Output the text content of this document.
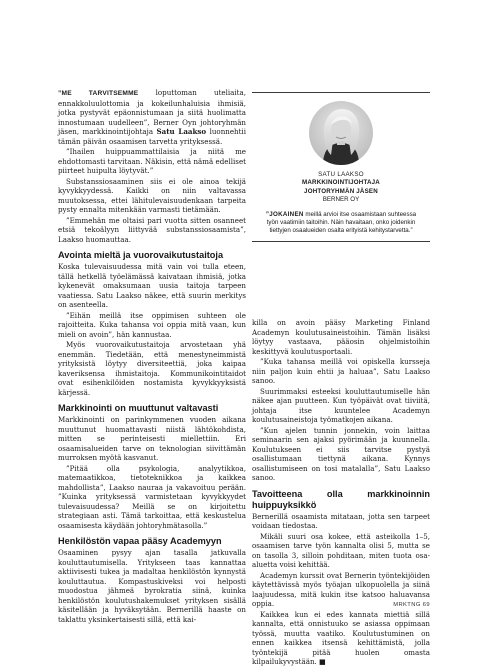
”ME TARVITSEMME loputtoman uteliaita, ennakkoluulottomia ja kokeilunhaluisia ihmisiä, jotka pystyvät epäonnistumaan ja siitä huolimatta innostumaan uudelleen”, Berner Oyn johtoryhmän jäsen, markkinointijohtaja Satu Laakso luonnehtii tämän päivän osaamisen tarvetta yrityksessä.

”Ihailen huippuammattilaisia ja niitä me ehdottomasti tarvitaan. Näkisin, että nämä edelliset piirteet huipulta löytyvät.”

Substanssiosaaminen siis ei ole ainoa tekijä kyvykkyydessä. Kaikki on niin valtavassa muutoksessa, ettei lähitulevaisuudenkaan tarpeita pysty ennalta mitenkään varmasti tietämään.

”Emmehän me oltaisi pari vuotta sitten osanneet etsiä tekoälyyn liittyvää substanssiosaamista”, Laakso huomauttaa.

Avointa mieltä ja vuorovaikutustaitoja

Koska tulevaisuudessa mitä vain voi tulla eteen, tällä hetkellä työelämässä kaivataan ihmisiä, jotka kykenevät omaksumaan uusia taitoja tarpeen vaatiessa. Satu Laakso näkee, että suurin merkitys on asenteella.

”Eihän meillä itse oppimisen suhteen ole rajoitteita. Kuka tahansa voi oppia mitä vaan, kun mieli on avoin”, hän kannustaa.

Myös vuorovaikutustaitoja arvostetaan yhä enemmän. Tiedetään, että menestyneimmistä yrityksistä löytyy diversiteettiä, joka kaipaa kaveriksensa ihmistaitoja. Kommunikointitaidot ovat esihenkilöiden nostamista kyvykkyyksistä kärjessä.

Markkinointi on muuttunut valtavasti

Markkinointi on parinkymmenen vuoden aikana muuttunut huomattavasti niistä lähtökohdista, mitten se perinteisesti miellettiin. Eri osaamisalueiden tarve on teknologian siivittämän murroksen myötä kasvanut.

”Pitää olla psykologia, analyytikkoa, matemaatikkoa, tietoteknikkoa ja kaikkea mahdollista”, Laakso nauraa ja vakavoituu perään. ”Kuinka yrityksessä varmistetaan kyvykkyydet tulevaisuudessa? Meillä se on kirjoitettu strategiaan asti. Tämä tarkoittaa, että keskustelua osaamisesta käydään johtoryhmätasolla.”

Henkilöstön vapaa pääsy Academyyn

Osaaminen pysyy ajan tasalla jatkuvalla kouluttautumisella. Yritykseen taas kannattaa aktiivisesti tukea ja madaltaa henkilöstön kynnystä kouluttautua. Kompastuskiveksi voi helposti muodostua jähmeä byrokratia siinä, kuinka henkilöstön koulutushakemukset yrityksen sisällä käsitellään ja hyväksytään. Bernerillä haaste on taklattu yksinkertaisesti sillä, että kai-

SATU LAAKSO
MARKKINOINTIJOHTAJA
JOHTORYHMÄN JÄSEN
BERNER OY
”JOKAINEN meillä arvioi itse osaamistaan suhteessa työn vaatimiin taitoihin. Näin havaitaan, onko joidenkin tiettyjen osaalueiden osalta erityistä kehitystarvetta.”

killa on avoin pääsy Marketing Finland Academyn koulutusaineistoihin. Tämän lisäksi löytyy vastaava, pääosin ohjelmistoihin keskittyvä koulutusportaali.

”Kuka tahansa meillä voi opiskella kursseja niin paljon kuin ehtii ja haluaa”, Satu Laakso sanoo.

Suurimmaksi esteeksi kouluttautumiselle hän näkee ajan puutteen. Kun työpäivät ovat tiiviitä, johtaja itse kuuntelee Academyn koulutusaineistoja työmatkojen aikana.

”Kun ajelen tunnin jonnekin, voin laittaa seminaarin sen ajaksi pyörimään ja kuunnella. Koulutukseen ei siis tarvitse pystyä osallistumaan tiettynä aikana. Kynnys osallistumiseen on tosi matalalla”, Satu Laakso sanoo.

Tavoitteena olla markkinoinnin huippuyksikkö

Bernerillä osaamista mitataan, jotta sen tarpeet voidaan tiedostaa.

Mikäli suuri osa kokee, että asteikolla 1–5, osaamisen tarve työn kannalta olisi 5, mutta se on tasolla 3, silloin pohditaan, miten tuota osa-aluetta voisi kehittää.

Academyn kurssit ovat Bernerin työntekijöiden käytettävissä myös työajan ulkopuolella ja siinä laajuudessa, mitä kukin itse katsoo haluavansa oppia.

Kaikkea kun ei edes kannata miettiä sillä kannalta, että onnistuuko se asiassa oppimaan työssä, muutta vaatiko. Koulutustuminen on ennen kaikkea itsensä kehittämistä, jolla työntekijä pitää huolen omasta kilpailukyvystään. ■

MRKTNG 69
